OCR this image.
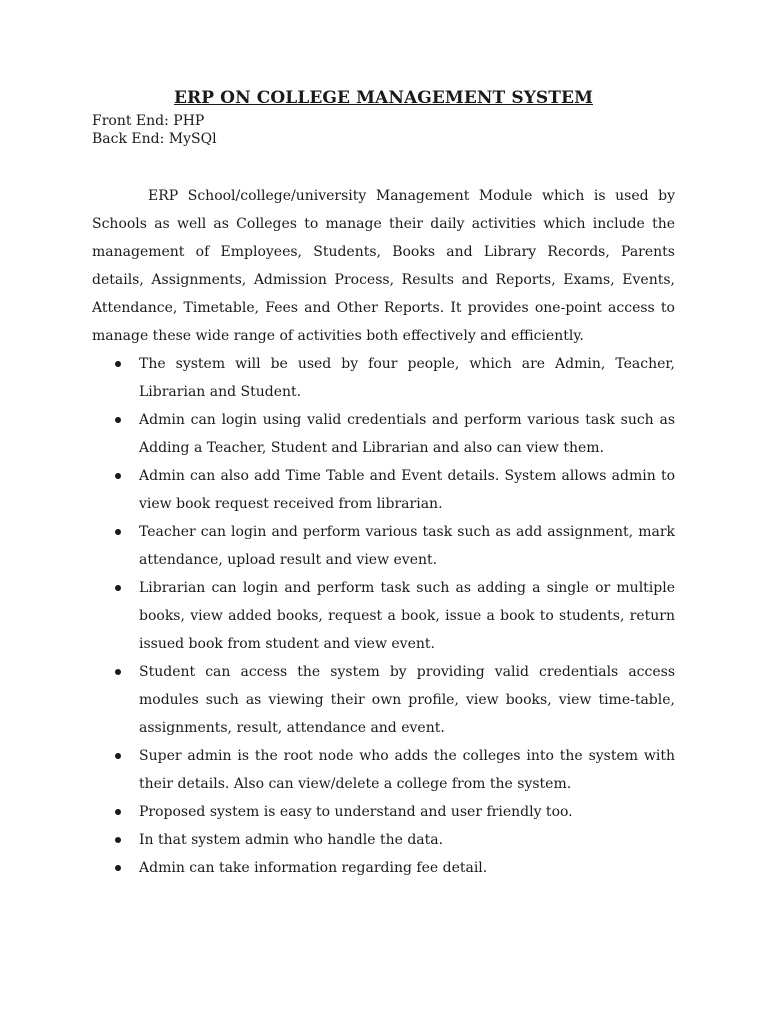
ERP ON COLLEGE MANAGEMENT SYSTEM
Front End: PHP
Back End: MySQl

ERP School/college/university Management Module which is used by Schools as well as Colleges to manage their daily activities which include the management of Employees, Students, Books and Library Records, Parents details, Assignments, Admission Process, Results and Reports, Exams, Events, Attendance, Timetable, Fees and Other Reports. It provides one-point access to manage these wide range of activities both effectively and efficiently.

The system will be used by four people, which are Admin, Teacher, Librarian and Student.
Admin can login using valid credentials and perform various task such as Adding a Teacher, Student and Librarian and also can view them.
Admin can also add Time Table and Event details. System allows admin to view book request received from librarian.
Teacher can login and perform various task such as add assignment, mark attendance, upload result and view event.
Librarian can login and perform task such as adding a single or multiple books, view added books, request a book, issue a book to students, return issued book from student and view event.
Student can access the system by providing valid credentials access modules such as viewing their own profile, view books, view time-table, assignments, result, attendance and event.
Super admin is the root node who adds the colleges into the system with their details. Also can view/delete a college from the system.
Proposed system is easy to understand and user friendly too.
In that system admin who handle the data.
Admin can take information regarding fee detail.
